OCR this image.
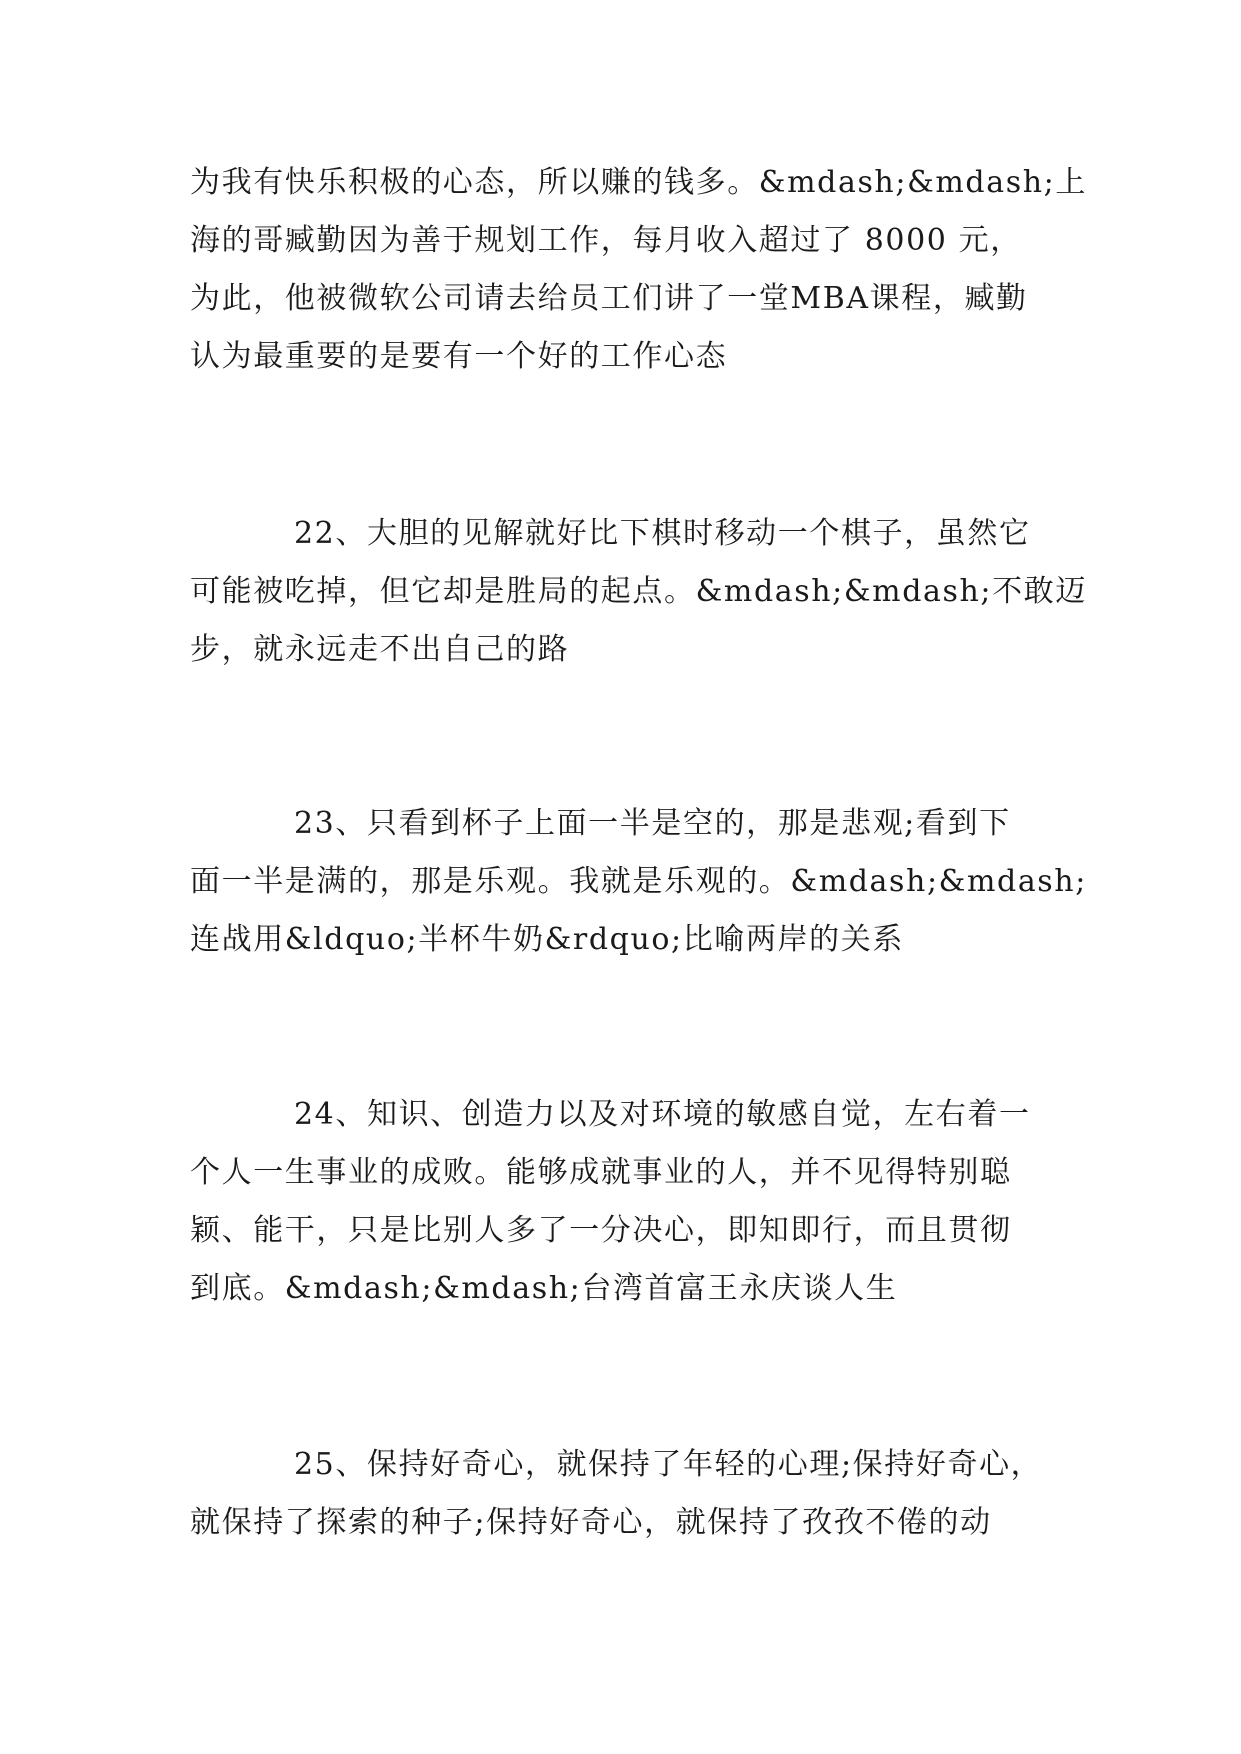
为我有快乐积极的心态，所以赚的钱多。&mdash;&mdash;上
海的哥臧勤因为善于规划工作，每月收入超过了 8000 元，
为此，他被微软公司请去给员工们讲了一堂MBA课程，臧勤
认为最重要的是要有一个好的工作心态

22、大胆的见解就好比下棋时移动一个棋子，虽然它
可能被吃掉，但它却是胜局的起点。&mdash;&mdash;不敢迈
步，就永远走不出自己的路

23、只看到杯子上面一半是空的，那是悲观;看到下
面一半是满的，那是乐观。我就是乐观的。&mdash;&mdash;
连战用&ldquo;半杯牛奶&rdquo;比喻两岸的关系

24、知识、创造力以及对环境的敏感自觉，左右着一
个人一生事业的成败。能够成就事业的人，并不见得特别聪
颖、能干，只是比别人多了一分决心，即知即行，而且贯彻
到底。&mdash;&mdash;台湾首富王永庆谈人生

25、保持好奇心，就保持了年轻的心理;保持好奇心，
就保持了探索的种子;保持好奇心，就保持了孜孜不倦的动
